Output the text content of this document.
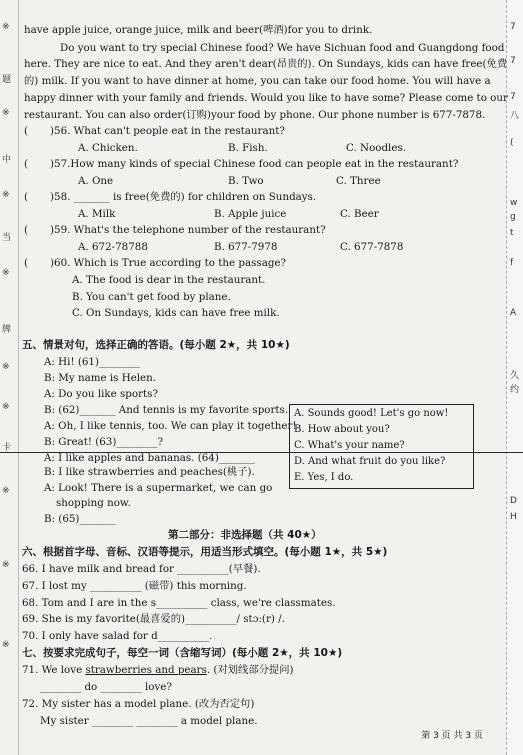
※
题
※
中
※
当
※
牌
※
※
卡
※
※
※
7
7
7
八
(
w
g
t
f
A
久
约
D
H
have apple juice, orange juice, milk and beer(啤酒)for you to drink.
Do you want to try special Chinese food? We have Sichuan food and Guangdong food
here. They are nice to eat. And they aren't dear(昂贵的). On Sundays, kids can have free(免费
的) milk. If you want to have dinner at home, you can take our food home. You will have a
happy dinner with your family and friends. Would you like to have some? Please come to our
restaurant. You can also order(订购)your food by phone. Our phone number is 677-7878.
( )56. What can't people eat in the restaurant?
A. Chicken.	B. Fish.	C. Noodles.
( )57.How many kinds of special Chinese food can people eat in the restaurant?
A. One	B. Two	C. Three
( )58. _______ is free(免费的) for children on Sundays.
A. Milk	B. Apple juice	C. Beer
( )59. What's the telephone number of the restaurant?
A. 672-78788	B. 677-7978	C. 677-7878
( )60. Which is True according to the passage?
A. The food is dear in the restaurant.
B. You can't get food by plane.
C. On Sundays, kids can have free milk.
五、情景对句，选择正确的答语。(每小题 2★，共 10★)
A: Hi! (61)________
B: My name is Helen.
A: Do you like sports?
B: (62)_______ And tennis is my favorite sports.
A: Oh, I like tennis, too. We can play it together!
B: Great! (63)________?
A: I like apples and bananas. (64)_______
B: I like strawberries and peaches(桃子).
A: Look! There is a supermarket, we can go
shopping now.
B: (65)_______
A. Sounds good! Let's go now!
B. How about you?
C. What's your name?
D. And what fruit do you like?
E. Yes, I do.
第二部分：非选择题（共 40★）
六、根据首字母、音标、汉语等提示，用适当形式填空。(每小题 1★，共 5★)
66. I have milk and bread for __________(早餐).
67. I lost my __________ (磁带) this morning.
68. Tom and I are in the s__________ class, we're classmates.
69. She is my favorite(最喜爱的)__________/ stɔ:(r) /.
70. I only have salad for d__________.
七、按要求完成句子，每空一词（含缩写词）(每小题 2★，共 10★)
71. We love strawberries and pears. (对划线部分提问)
________ do ________ love?
72. My sister has a model plane. (改为否定句)
My sister ________ ________ a model plane.
第 3 页 共 3 页
